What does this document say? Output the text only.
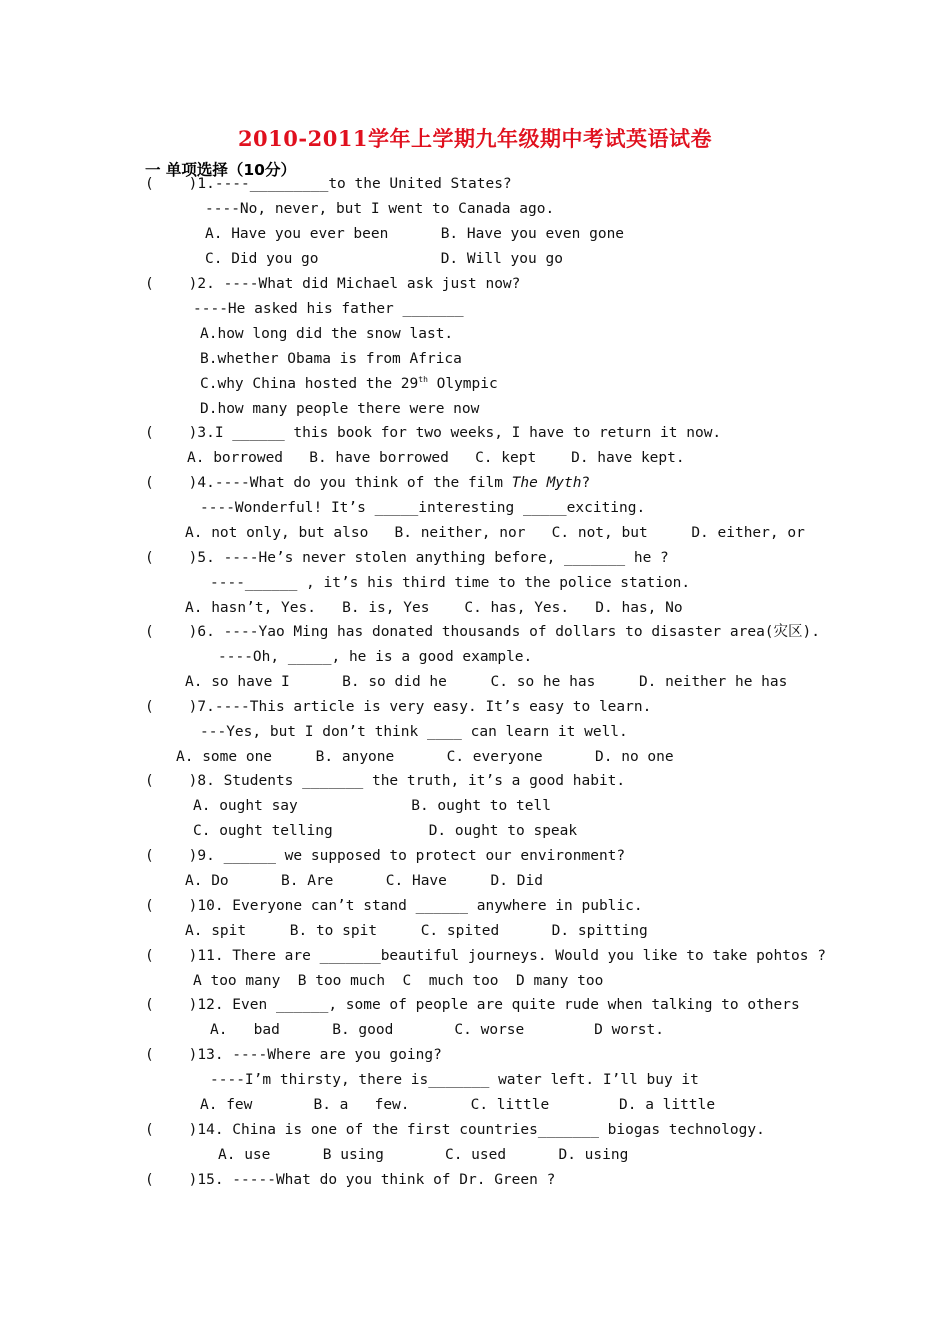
2010-2011学年上学期九年级期中考试英语试卷
一 单项选择（10分）
(    )1.----_________to the United States?
----No, never, but I went to Canada ago.
A. Have you ever been      B. Have you even gone
C. Did you go              D. Will you go
(    )2. ----What did Michael ask just now?
----He asked his father _______
A.how long did the snow last.
B.whether Obama is from Africa
C.why China hosted the 29th Olympic
D.how many people there were now
(    )3.I ______ this book for two weeks, I have to return it now.
A. borrowed   B. have borrowed   C. kept    D. have kept.
(    )4.----What do you think of the film The Myth?
----Wonderful! It’s _____interesting _____exciting.
A. not only, but also   B. neither, nor   C. not, but     D. either, or
(    )5. ----He’s never stolen anything before, _______ he ?
----______ , it’s his third time to the police station.
A. hasn’t, Yes.   B. is, Yes    C. has, Yes.   D. has, No
(    )6. ----Yao Ming has donated thousands of dollars to disaster area(灾区).
----Oh, _____, he is a good example.
A. so have I      B. so did he     C. so he has     D. neither he has
(    )7.----This article is very easy. It’s easy to learn.
---Yes, but I don’t think ____ can learn it well.
A. some one     B. anyone      C. everyone      D. no one
(    )8. Students _______ the truth, it’s a good habit.
A. ought say             B. ought to tell
C. ought telling           D. ought to speak
(    )9. ______ we supposed to protect our environment?
A. Do      B. Are      C. Have     D. Did
(    )10. Everyone can’t stand ______ anywhere in public.
A. spit     B. to spit     C. spited      D. spitting
(    )11. There are _______beautiful journeys. Would you like to take pohtos ?
A too many  B too much  C  much too  D many too
(    )12. Even ______, some of people are quite rude when talking to others
A.   bad      B. good       C. worse        D worst.
(    )13. ----Where are you going?
----I’m thirsty, there is_______ water left. I’ll buy it
A. few       B. a   few.       C. little        D. a little
(    )14. China is one of the first countries_______ biogas technology.
A. use      B using       C. used      D. using
(    )15. -----What do you think of Dr. Green ?
